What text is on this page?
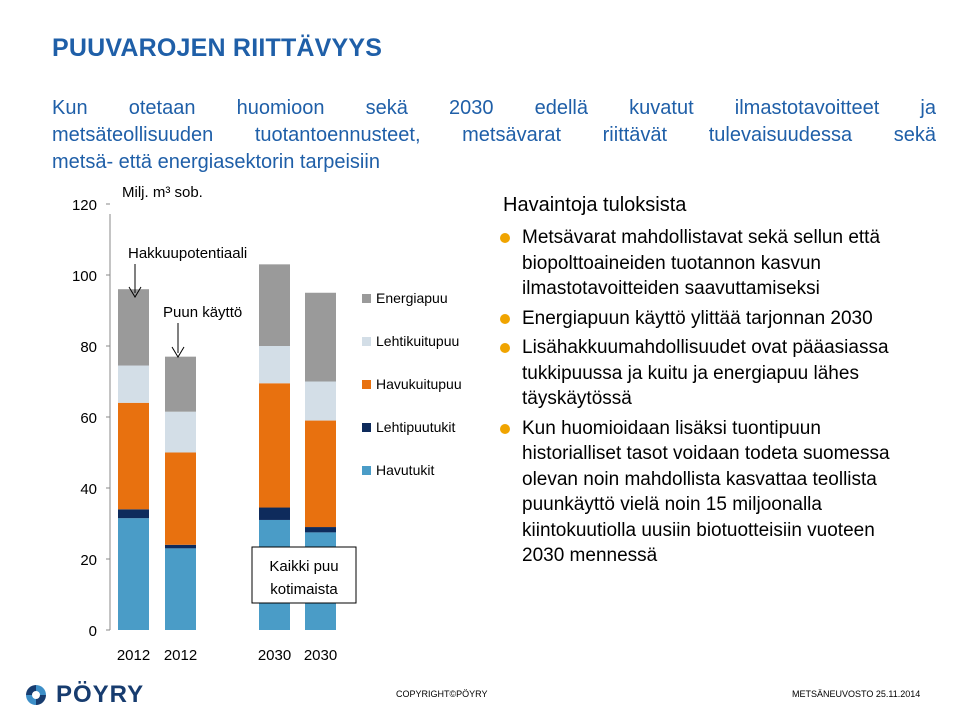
PUUVAROJEN RIITTÄVYYS
Kun otetaan huomioon sekä 2030 edellä kuvatut ilmastotavoitteet ja
metsäteollisuuden tuotantoennusteet, metsävarat riittävät tulevaisuudessa sekä
metsä- että energiasektorin tarpeisiin
0
20
40
60
80
100
120
Milj. m³ sob.
2012 2012	2030 2030
Energiapuu
Lehtikuitupuu
Havukuitupuu
Lehtipuutukit
Havutukit
Hakkuupotentiaali
Puun käyttö
Kaikki puu
kotimaista
Havaintoja tuloksista
Metsävarat mahdollistavat sekä sellun että biopolttoaineiden tuotannon kasvun ilmastotavoitteiden saavuttamiseksi
Energiapuun käyttö ylittää tarjonnan 2030
Lisähakkuumahdollisuudet ovat pääasiassa tukkipuussa ja kuitu ja energiapuu lähes täyskäytössä
Kun huomioidaan lisäksi tuontipuun historialliset tasot voidaan todeta suomessa olevan noin mahdollista kasvattaa teollista puunkäyttö vielä noin 15 miljoonalla kiintokuutiolla uusiin biotuotteisiin vuoteen 2030 mennessä
PÖYRY	COPYRIGHT©PÖYRY	METSÄNEUVOSTO 25.11.2014
